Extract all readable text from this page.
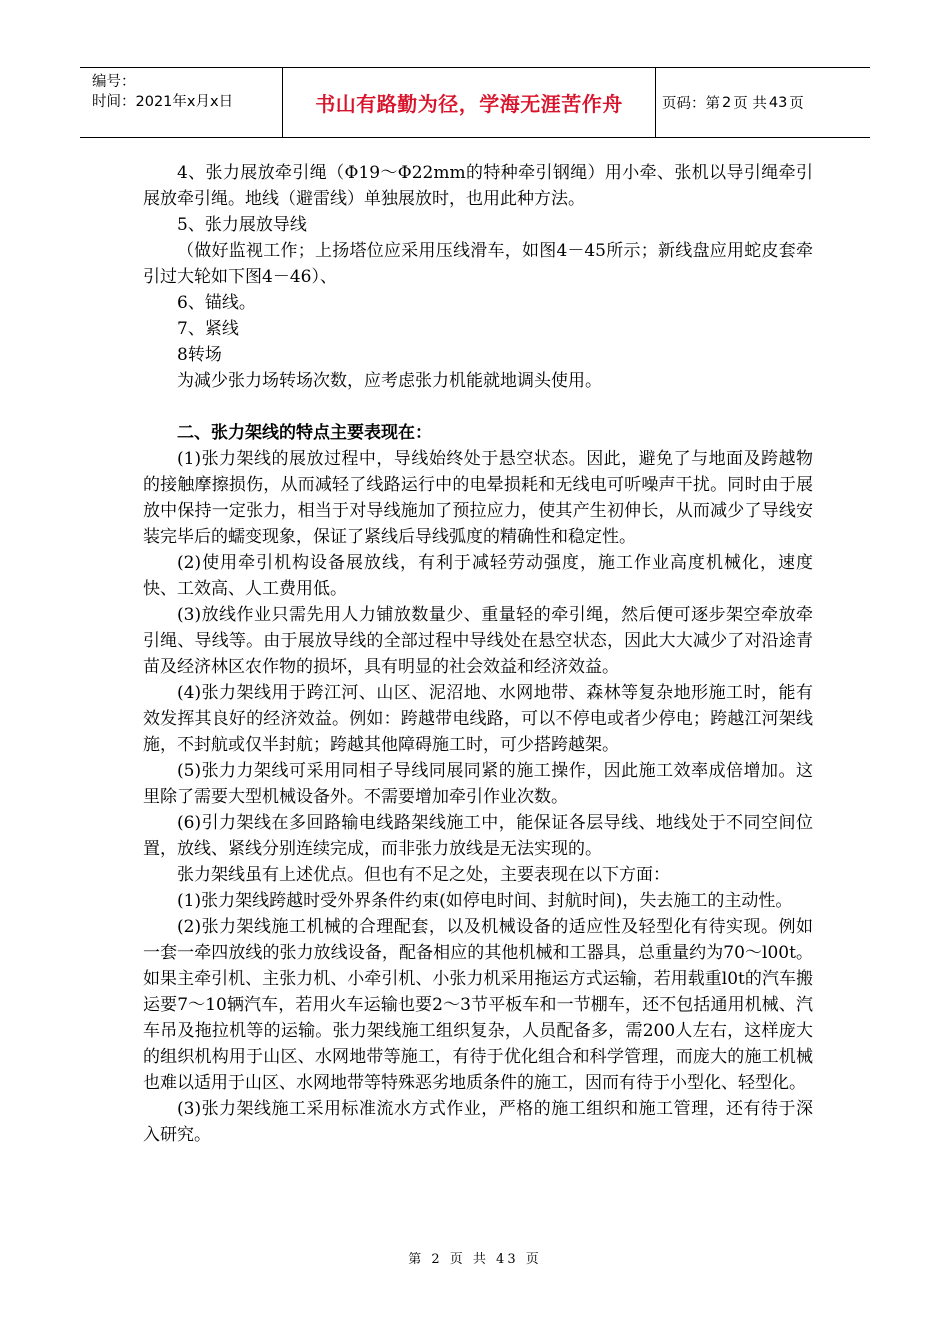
编号：
时间：2021年x月x日	书山有路勤为径，学海无涯苦作舟	页码：第 2 页 共 43 页

4、张力展放牵引绳（Φ19～Φ22mm的特种牵引钢绳）用小牵、张机以导引绳牵引展放牵引绳。地线（避雷线）单独展放时，也用此种方法。

5、张力展放导线

（做好监视工作；上扬塔位应采用压线滑车，如图4－45所示；新线盘应用蛇皮套牵引过大轮如下图4－46）、

6、锚线。

7、紧线

8转场

为减少张力场转场次数，应考虑张力机能就地调头使用。

二、张力架线的特点主要表现在：

(1)张力架线的展放过程中，导线始终处于悬空状态。因此，避免了与地面及跨越物的接触摩擦损伤，从而减轻了线路运行中的电晕损耗和无线电可听噪声干扰。同时由于展放中保持一定张力，相当于对导线施加了预拉应力，使其产生初伸长，从而减少了导线安装完毕后的蠕变现象，保证了紧线后导线弧度的精确性和稳定性。

(2)使用牵引机构设备展放线，有利于减轻劳动强度，施工作业高度机械化，速度快、工效高、人工费用低。

(3)放线作业只需先用人力铺放数量少、重量轻的牵引绳，然后便可逐步架空牵放牵引绳、导线等。由于展放导线的全部过程中导线处在悬空状态，因此大大减少了对沿途青苗及经济林区农作物的损坏，具有明显的社会效益和经济效益。

(4)张力架线用于跨江河、山区、泥沼地、水网地带、森林等复杂地形施工时，能有效发挥其良好的经济效益。例如：跨越带电线路，可以不停电或者少停电；跨越江河架线施，不封航或仅半封航；跨越其他障碍施工时，可少搭跨越架。

(5)张力力架线可采用同相子导线同展同紧的施工操作，因此施工效率成倍增加。这里除了需要大型机械设备外。不需要增加牵引作业次数。

(6)引力架线在多回路输电线路架线施工中，能保证各层导线、地线处于不同空间位置，放线、紧线分别连续完成，而非张力放线是无法实现的。

张力架线虽有上述优点。但也有不足之处，主要表现在以下方面：

(1)张力架线跨越时受外界条件约束(如停电时间、封航时间)，失去施工的主动性。

(2)张力架线施工机械的合理配套，以及机械设备的适应性及轻型化有待实现。例如一套一牵四放线的张力放线设备，配备相应的其他机械和工器具，总重量约为70～l00t。如果主牵引机、主张力机、小牵引机、小张力机采用拖运方式运输，若用载重l0t的汽车搬运要7～10辆汽车，若用火车运输也要2～3节平板车和一节棚车，还不包括通用机械、汽车吊及拖拉机等的运输。张力架线施工组织复杂，人员配备多，需200人左右，这样庞大的组织机构用于山区、水网地带等施工，有待于优化组合和科学管理，而庞大的施工机械也难以适用于山区、水网地带等特殊恶劣地质条件的施工，因而有待于小型化、轻型化。

(3)张力架线施工采用标准流水方式作业，严格的施工组织和施工管理，还有待于深入研究。

第 2 页 共 43 页
